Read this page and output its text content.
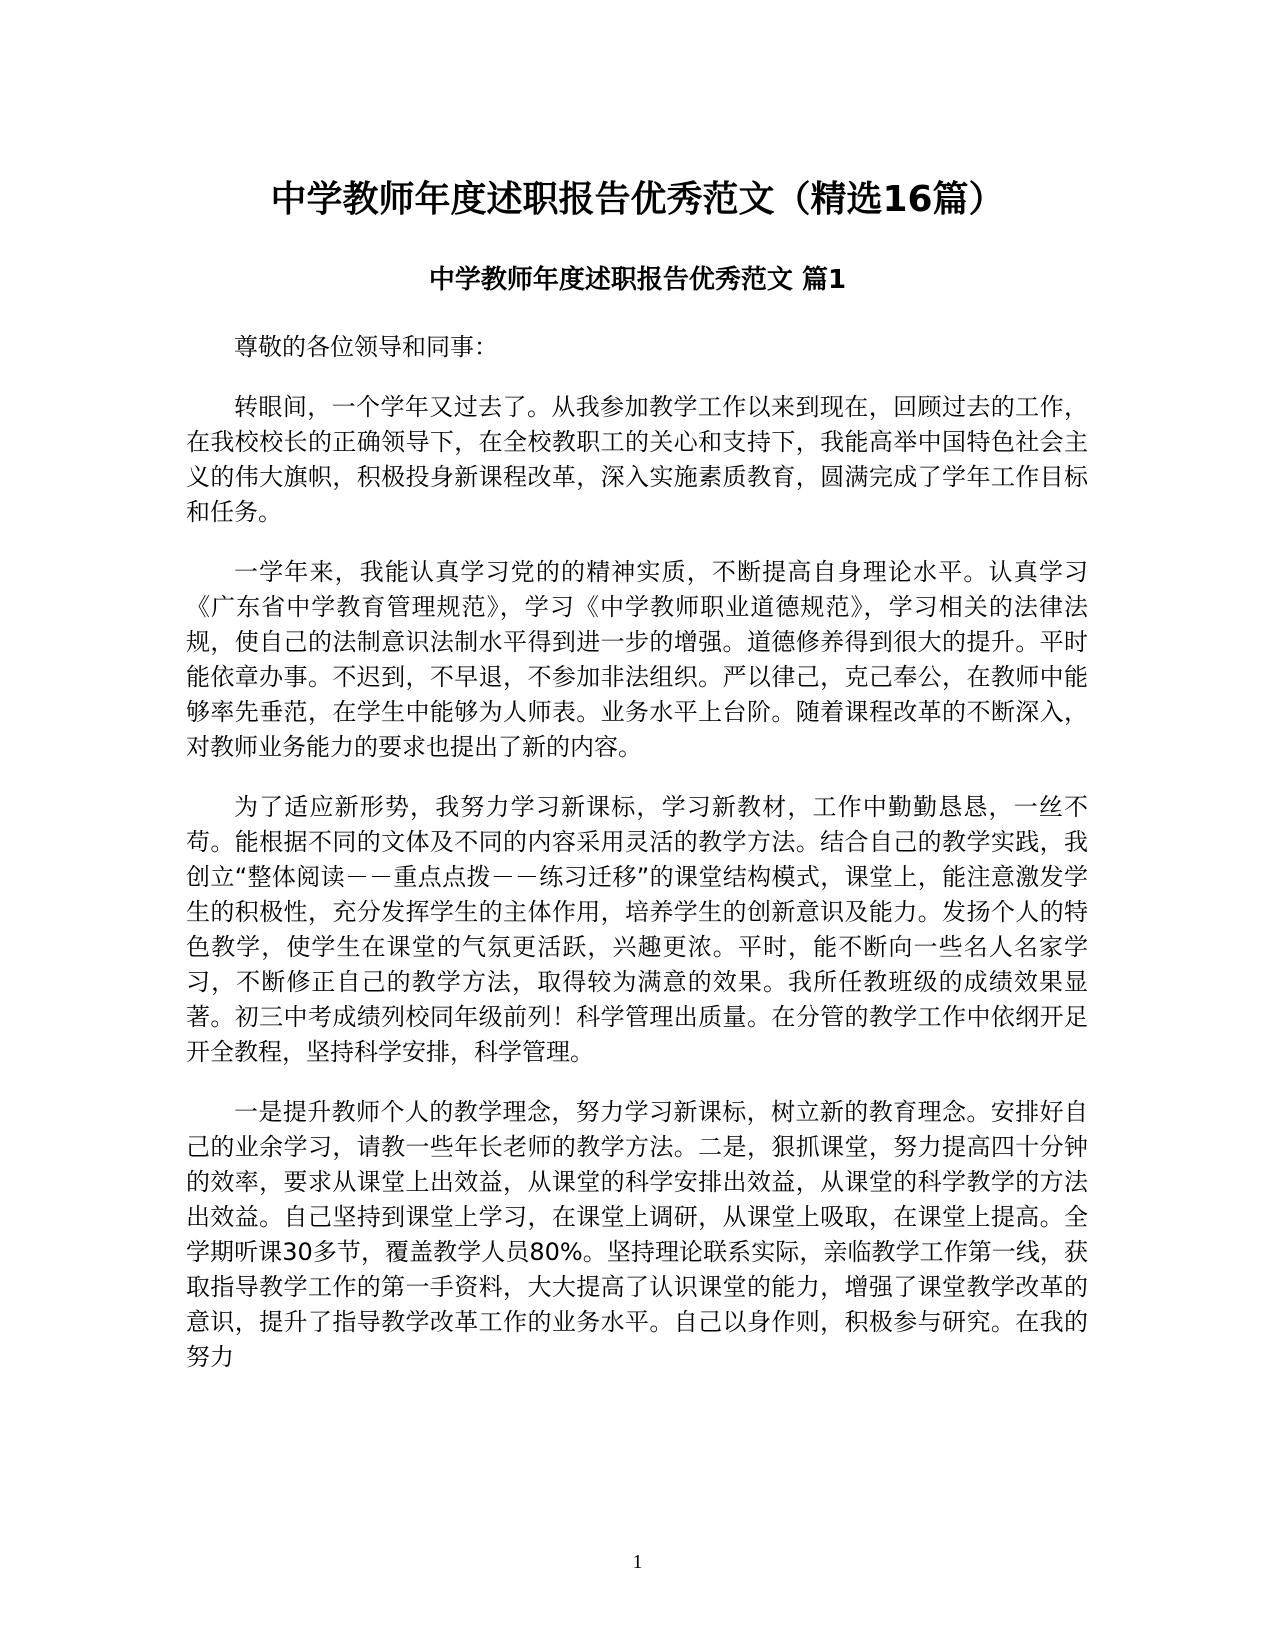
中学教师年度述职报告优秀范文（精选16篇）
中学教师年度述职报告优秀范文 篇1

尊敬的各位领导和同事：

转眼间，一个学年又过去了。从我参加教学工作以来到现在，回顾过去的工作，在我校校长的正确领导下，在全校教职工的关心和支持下，我能高举中国特色社会主义的伟大旗帜，积极投身新课程改革，深入实施素质教育，圆满完成了学年工作目标和任务。

一学年来，我能认真学习党的的精神实质，不断提高自身理论水平。认真学习《广东省中学教育管理规范》，学习《中学教师职业道德规范》，学习相关的法律法规，使自己的法制意识法制水平得到进一步的增强。道德修养得到很大的提升。平时能依章办事。不迟到，不早退，不参加非法组织。严以律己，克己奉公，在教师中能够率先垂范，在学生中能够为人师表。业务水平上台阶。随着课程改革的不断深入，对教师业务能力的要求也提出了新的内容。

为了适应新形势，我努力学习新课标，学习新教材，工作中勤勤恳恳，一丝不苟。能根据不同的文体及不同的内容采用灵活的教学方法。结合自己的教学实践，我创立“整体阅读－－重点点拨－－练习迁移”的课堂结构模式，课堂上，能注意激发学生的积极性，充分发挥学生的主体作用，培养学生的创新意识及能力。发扬个人的特色教学，使学生在课堂的气氛更活跃，兴趣更浓。平时，能不断向一些名人名家学习，不断修正自己的教学方法，取得较为满意的效果。我所任教班级的成绩效果显著。初三中考成绩列校同年级前列！科学管理出质量。在分管的教学工作中依纲开足开全教程，坚持科学安排，科学管理。

一是提升教师个人的教学理念，努力学习新课标，树立新的教育理念。安排好自己的业余学习，请教一些年长老师的教学方法。二是，狠抓课堂，努力提高四十分钟的效率，要求从课堂上出效益，从课堂的科学安排出效益，从课堂的科学教学的方法出效益。自己坚持到课堂上学习，在课堂上调研，从课堂上吸取，在课堂上提高。全学期听课30多节，覆盖教学人员80%。坚持理论联系实际，亲临教学工作第一线，获取指导教学工作的第一手资料，大大提高了认识课堂的能力，增强了课堂教学改革的意识，提升了指导教学改革工作的业务水平。自己以身作则，积极参与研究。在我的努力

1
